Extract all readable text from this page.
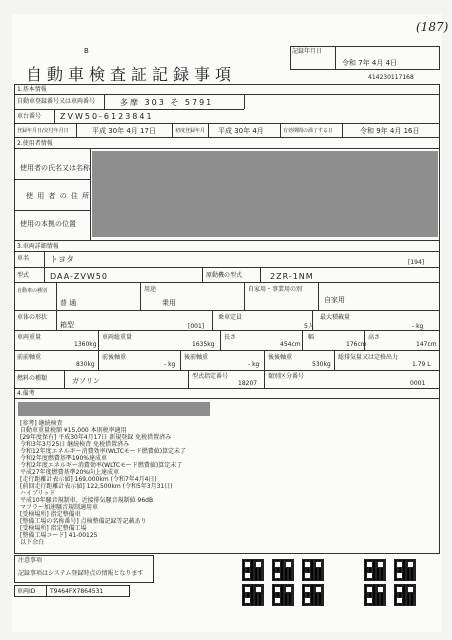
B
自動車検査証記録事項
記録年月日
令和 7年 4月 4日
414230117168
(187)
1.基本情報
自動車登録番号又は車両番号	多摩 303 そ 5791
車台番号 ZVW50-6123841
登録年月日/交付年月日	平成 30年 4月 17日	初度登録年月 平成 30年 4月	有効期間の満了する日	令和 9年 4月 16日
2.使用者情報
使用者の氏名又は名称
使 用 者 の 住 所
使用の本拠の位置
3.車両詳細情報
車名	トヨタ	[194]
型式	DAA-ZVW50	原動機の型式	2ZR-1NM
自動車の種別
普 通
用途
乗用
自家用・事業用の別
自家用
車体の形状
箱型	[001]
乗車定員
5人
最大積載量
- kg
車両重量
1360kg
車両総重量
1635kg
長さ
454cm
幅
176cm
高さ
147cm
前前軸重
830kg
前後軸重
- kg
後前軸重
- kg
後後軸重
530kg
総排気量又は定格出力
1.79 L
燃料の種類	ガソリン
型式指定番号
18207
類別区分番号
0001
4.備考
[参考] 継続検査
自動車重量税額 ¥15,000 本則税率適用
[29年度保有] 平成30年4月17日 新規登録 免税措置済み
令和3年3月25日 継続検査 免税措置済み
令和12年度エネルギー消費効率(WLTCモード燃費値)算定未了
令和2年度燃費基準190%達成車
令和2年度エネルギー消費効率(WLTCモード燃費値)算定未了
平成27年度燃費基準20%向上達成車
[走行距離計表示値] 169,000km (令和7年4月4日)
[前回走行距離計表示値] 122,500km (令和5年3月31日)
ハイブリッド
平成10年騒音規制車、近接排気騒音規制値 96dB
マフラー加速騒音規制適用車
[受検場所] 指定整備車
[整備工場の名称番号] 点検整備記録等記載あり
[受検場所] 指定整備工場
[整備工場コード] 41-00125
以下余白
注意事項
記録事項はシステム登録時点の情報となります
車両ID T9464FX7864531
